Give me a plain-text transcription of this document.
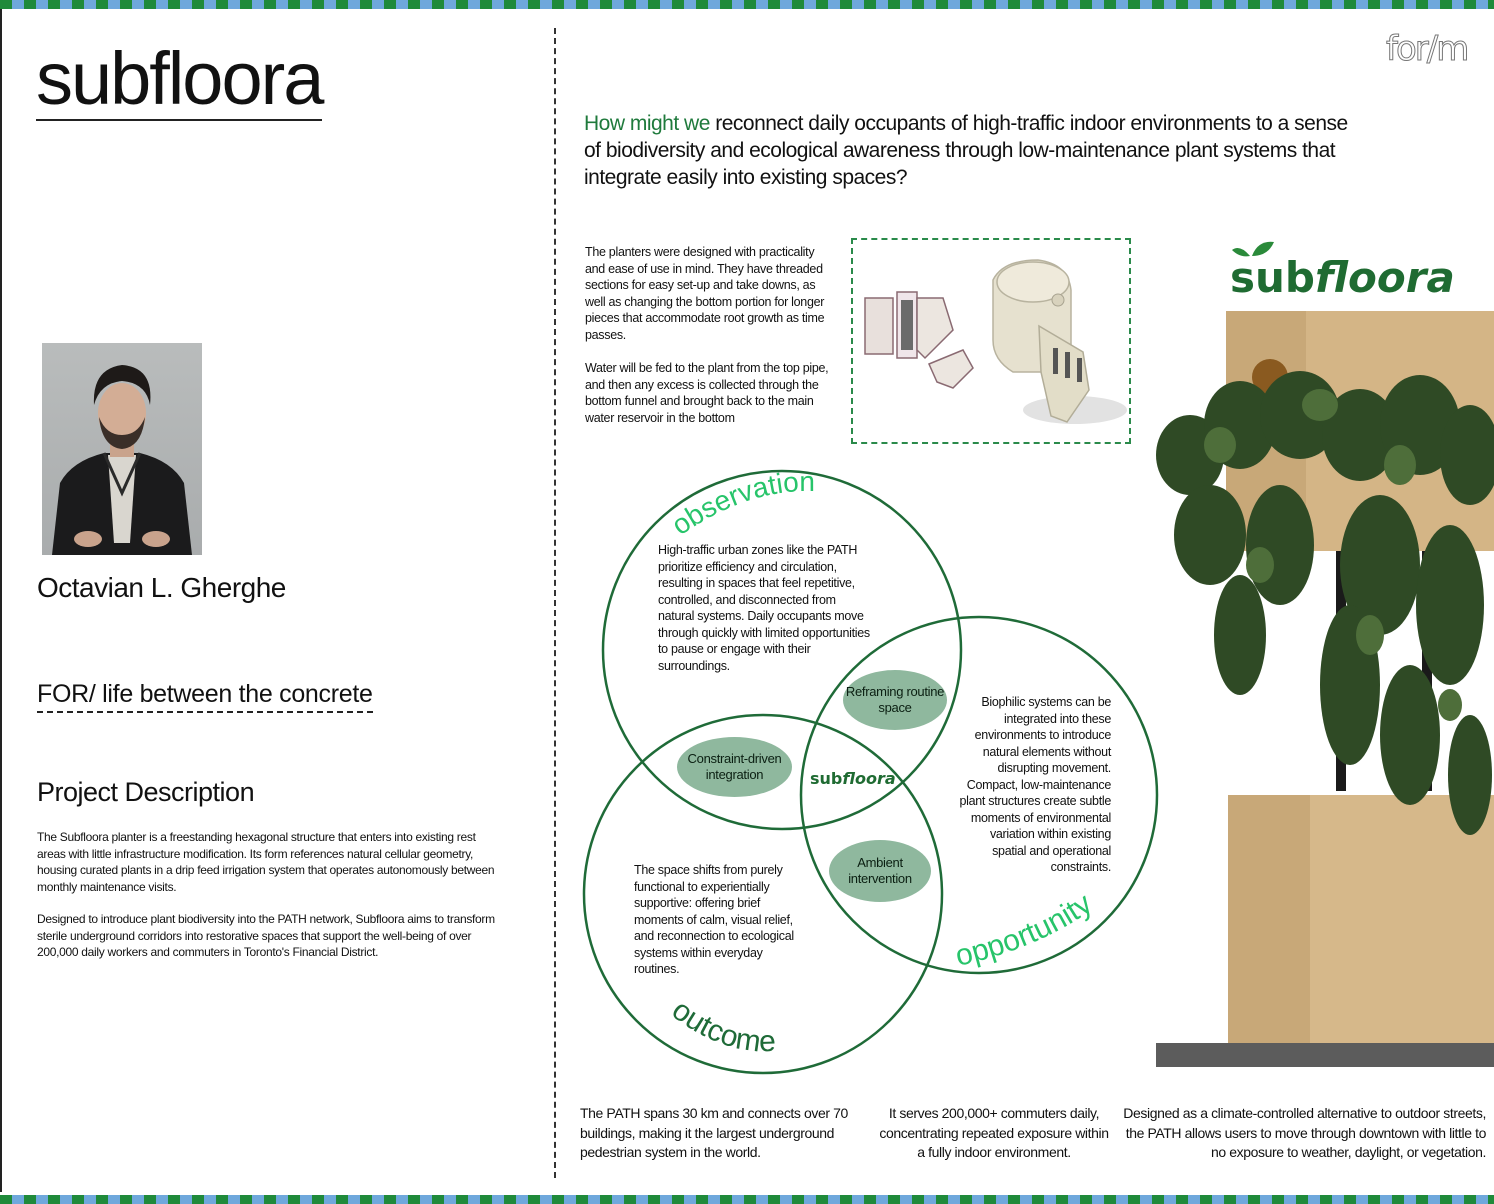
subfloora
Octavian L. Gherghe
FOR/ life between the concrete
Project Description

The Subfloora planter is a freestanding hexagonal structure that enters into existing rest areas with little infrastructure modification. Its form references natural cellular geometry, housing curated plants in a drip feed irrigation system that operates autonomously between monthly maintenance visits.

Designed to introduce plant biodiversity into the PATH network, Subfloora aims to transform sterile underground corridors into restorative spaces that support the well-being of over 200,000 daily workers and commuters in Toronto's Financial District.

for/m
How might we reconnect daily occupants of high-traffic indoor environments to a sense of biodiversity and ecological awareness through low-maintenance plant systems that integrate easily into existing spaces?

The planters were designed with practicality and ease of use in mind. They have threaded sections for easy set-up and take downs, as well as changing the bottom portion for longer pieces that accommodate root growth as time passes.

Water will be fed to the plant from the top pipe, and then any excess is collected through the bottom funnel and brought back to the main water reservoir in the bottom

subfloora
observation
opportunity
outcome
subfloora
High-traffic urban zones like the PATH prioritize efficiency and circulation, resulting in spaces that feel repetitive, controlled, and disconnected from natural systems. Daily occupants move through quickly with limited opportunities to pause or engage with their surroundings.
Biophilic systems can be integrated into these environments to introduce natural elements without disrupting movement. Compact, low-maintenance plant structures create subtle moments of environmental variation within existing spatial and operational constraints.
The space shifts from purely functional to experientially supportive: offering brief moments of calm, visual relief, and reconnection to ecological systems within everyday routines.
Reframing routine space
Constraint-driven integration
Ambient intervention
The PATH spans 30 km and connects over 70 buildings, making it the largest underground pedestrian system in the world.
It serves 200,000+ commuters daily, concentrating repeated exposure within a fully indoor environment.
Designed as a climate-controlled alternative to outdoor streets, the PATH allows users to move through downtown with little to no exposure to weather, daylight, or vegetation.
